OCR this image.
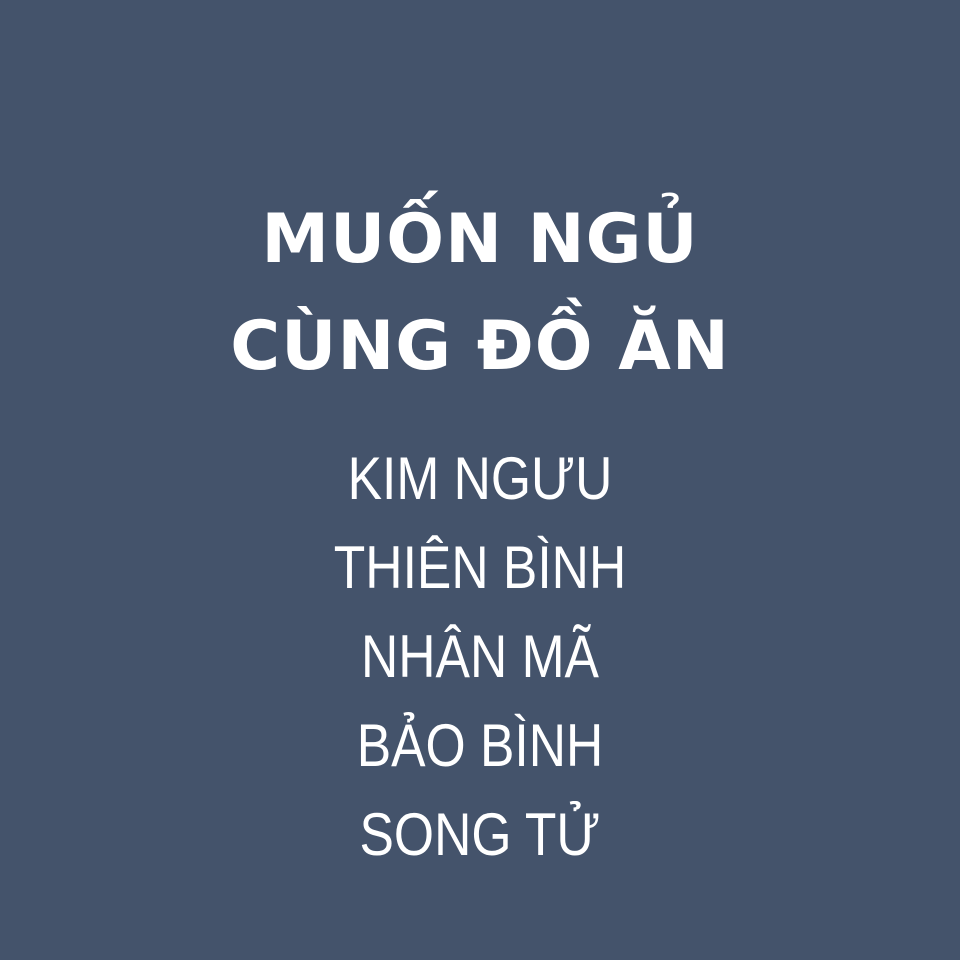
MUỐN NGỦ
CÙNG ĐỒ ĂN
KIM NGƯU
THIÊN BÌNH
NHÂN MÃ
BẢO BÌNH
SONG TỬ
